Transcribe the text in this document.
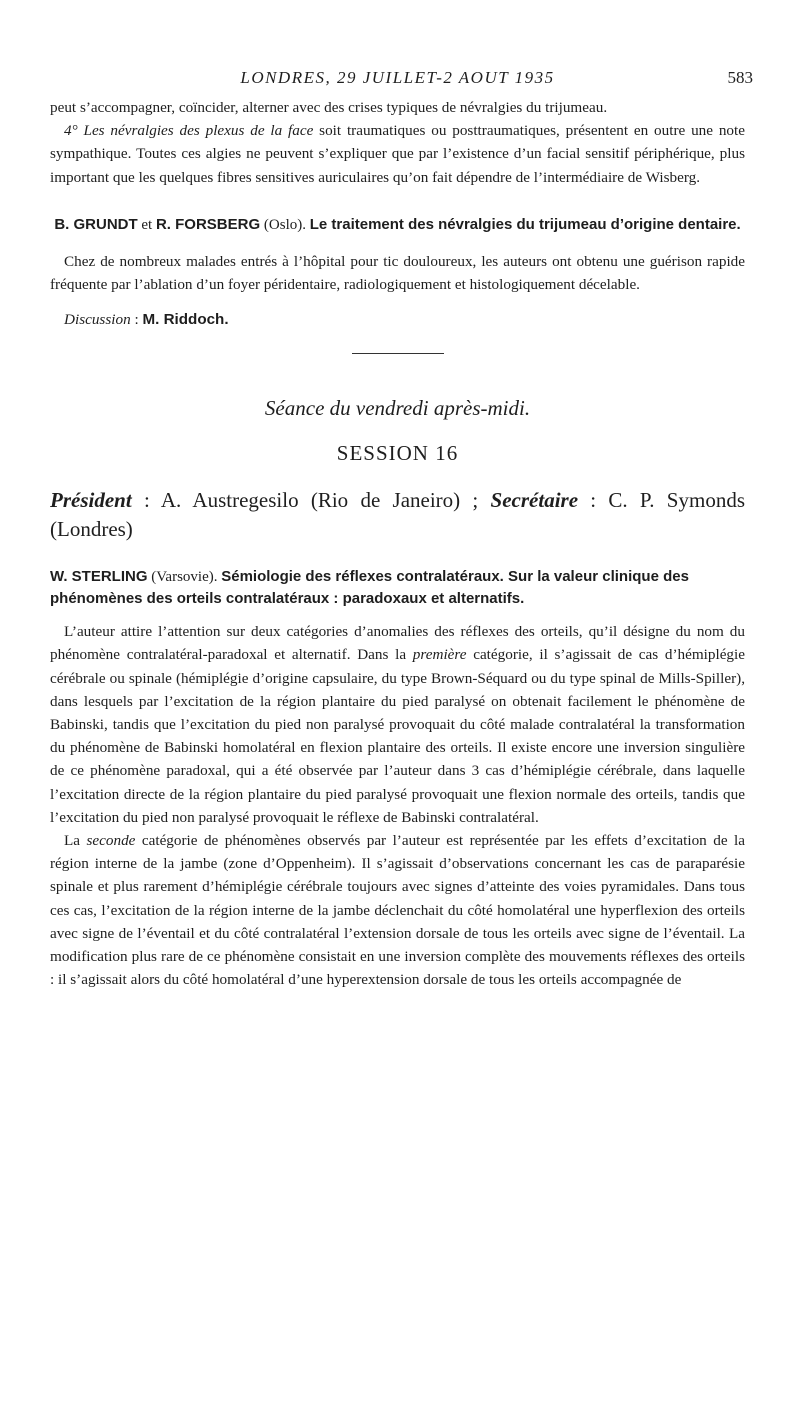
LONDRES, 29 JUILLET-2 AOUT 1935	583

peut s’accompagner, coïncider, alterner avec des crises typiques de névralgies du trijumeau.

4° Les névralgies des plexus de la face soit traumatiques ou posttraumatiques, présentent en outre une note sympathique. Toutes ces algies ne peuvent s’expliquer que par l’existence d’un facial sensitif périphérique, plus important que les quelques fibres sensitives auriculaires qu’on fait dépendre de l’intermédiaire de Wisberg.

B. GRUNDT et R. FORSBERG (Oslo). Le traitement des névralgies du trijumeau d’origine dentaire.

Chez de nombreux malades entrés à l’hôpital pour tic douloureux, les auteurs ont obtenu une guérison rapide fréquente par l’ablation d’un foyer péridentaire, radiologiquement et histologiquement décelable.

Discussion : M. Riddoch.
Séance du vendredi après-midi.
SESSION 16
Président : A. Austregesilo (Rio de Janeiro) ; Secrétaire : C. P. Symonds (Londres)
W. STERLING (Varsovie). Sémiologie des réflexes contralatéraux. Sur la valeur clinique des phénomènes des orteils contralatéraux : paradoxaux et alternatifs.

L’auteur attire l’attention sur deux catégories d’anomalies des réflexes des orteils, qu’il désigne du nom du phénomène contralatéral-paradoxal et alternatif. Dans la première catégorie, il s’agissait de cas d’hémiplégie cérébrale ou spinale (hémiplégie d’origine capsulaire, du type Brown-Séquard ou du type spinal de Mills-Spiller), dans lesquels par l’excitation de la région plantaire du pied paralysé on obtenait facilement le phénomène de Babinski, tandis que l’excitation du pied non paralysé provoquait du côté malade contralatéral la transformation du phénomène de Babinski homolatéral en flexion plantaire des orteils. Il existe encore une inversion singulière de ce phénomène paradoxal, qui a été observée par l’auteur dans 3 cas d’hémiplégie cérébrale, dans laquelle l’excitation directe de la région plantaire du pied paralysé provoquait une flexion normale des orteils, tandis que l’excitation du pied non paralysé provoquait le réflexe de Babinski contralatéral.

La seconde catégorie de phénomènes observés par l’auteur est représentée par les effets d’excitation de la région interne de la jambe (zone d’Oppenheim). Il s’agissait d’observations concernant les cas de paraparésie spinale et plus rarement d’hémiplégie cérébrale toujours avec signes d’atteinte des voies pyramidales. Dans tous ces cas, l’excitation de la région interne de la jambe déclenchait du côté homolatéral une hyperflexion des orteils avec signe de l’éventail et du côté contralatéral l’extension dorsale de tous les orteils avec signe de l’éventail. La modification plus rare de ce phénomène consistait en une inversion complète des mouvements réflexes des orteils : il s’agissait alors du côté homolatéral d’une hyperextension dorsale de tous les orteils accompagnée de
